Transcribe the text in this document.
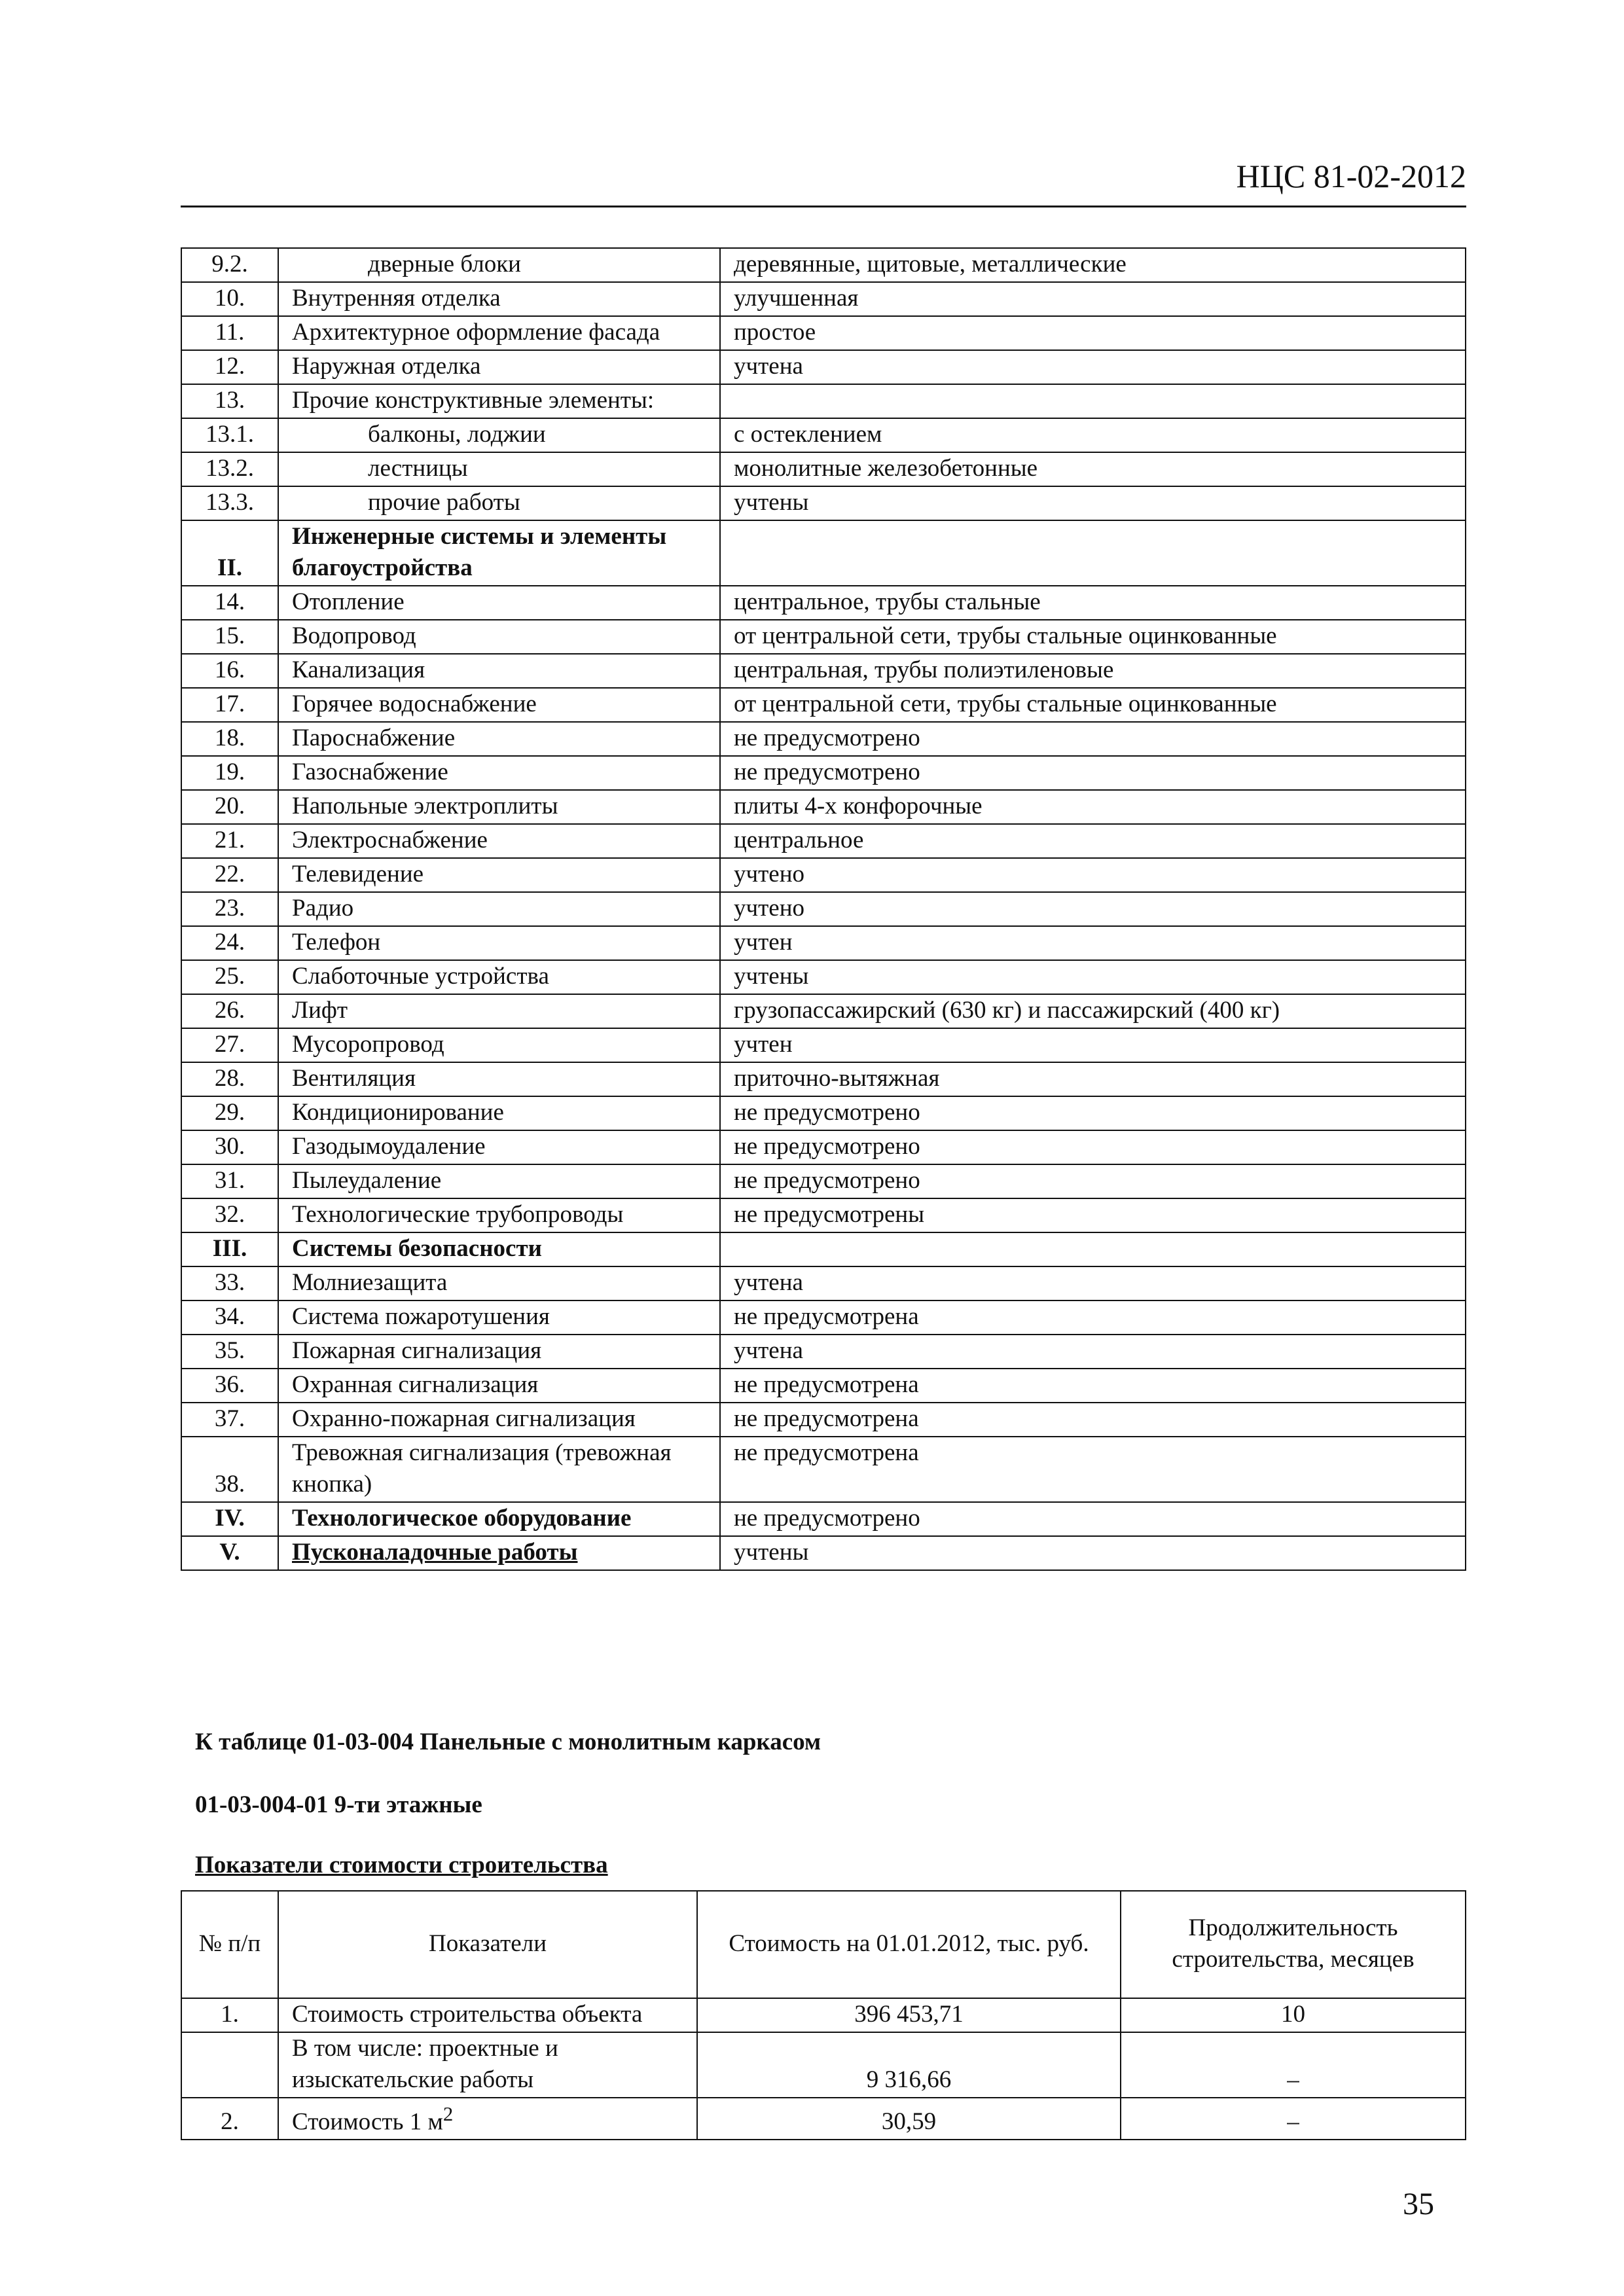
НЦС 81-02-2012
9.2.	дверные блоки	деревянные, щитовые, металлические
10.	Внутренняя отделка	улучшенная
11.	Архитектурное оформление фасада	простое
12.	Наружная отделка	учтена
13.	Прочие конструктивные элементы:	
13.1.	балконы, лоджии	с остеклением
13.2.	лестницы	монолитные железобетонные
13.3.	прочие работы	учтены
II.	Инженерные системы и элементы благоустройства	
14.	Отопление	центральное, трубы стальные
15.	Водопровод	от центральной сети, трубы стальные оцинкованные
16.	Канализация	центральная, трубы полиэтиленовые
17.	Горячее водоснабжение	от центральной сети, трубы стальные оцинкованные
18.	Пароснабжение	не предусмотрено
19.	Газоснабжение	не предусмотрено
20.	Напольные электроплиты	плиты 4-х конфорочные
21.	Электроснабжение	центральное
22.	Телевидение	учтено
23.	Радио	учтено
24.	Телефон	учтен
25.	Слаботочные устройства	учтены
26.	Лифт	грузопассажирский (630 кг) и пассажирский (400 кг)
27.	Мусоропровод	учтен
28.	Вентиляция	приточно-вытяжная
29.	Кондиционирование	не предусмотрено
30.	Газодымоудаление	не предусмотрено
31.	Пылеудаление	не предусмотрено
32.	Технологические трубопроводы	не предусмотрены
III.	Системы безопасности	
33.	Молниезащита	учтена
34.	Система пожаротушения	не предусмотрена
35.	Пожарная сигнализация	учтена
36.	Охранная сигнализация	не предусмотрена
37.	Охранно-пожарная сигнализация	не предусмотрена
38.	Тревожная сигнализация (тревожная кнопка)	не предусмотрена
IV.	Технологическое оборудование	не предусмотрено
V.	Пусконаладочные работы	учтены
К таблице 01-03-004 Панельные с монолитным каркасом
01-03-004-01 9-ти этажные
Показатели стоимости строительства
№ п/п	Показатели	Стоимость на 01.01.2012, тыс. руб.	Продолжительность строительства, месяцев
1.	Стоимость строительства объекта	396 453,71	10
	В том числе: проектные и изыскательские работы	9 316,66	–
2.	Стоимость 1 $м^2$	30,59	–
35
